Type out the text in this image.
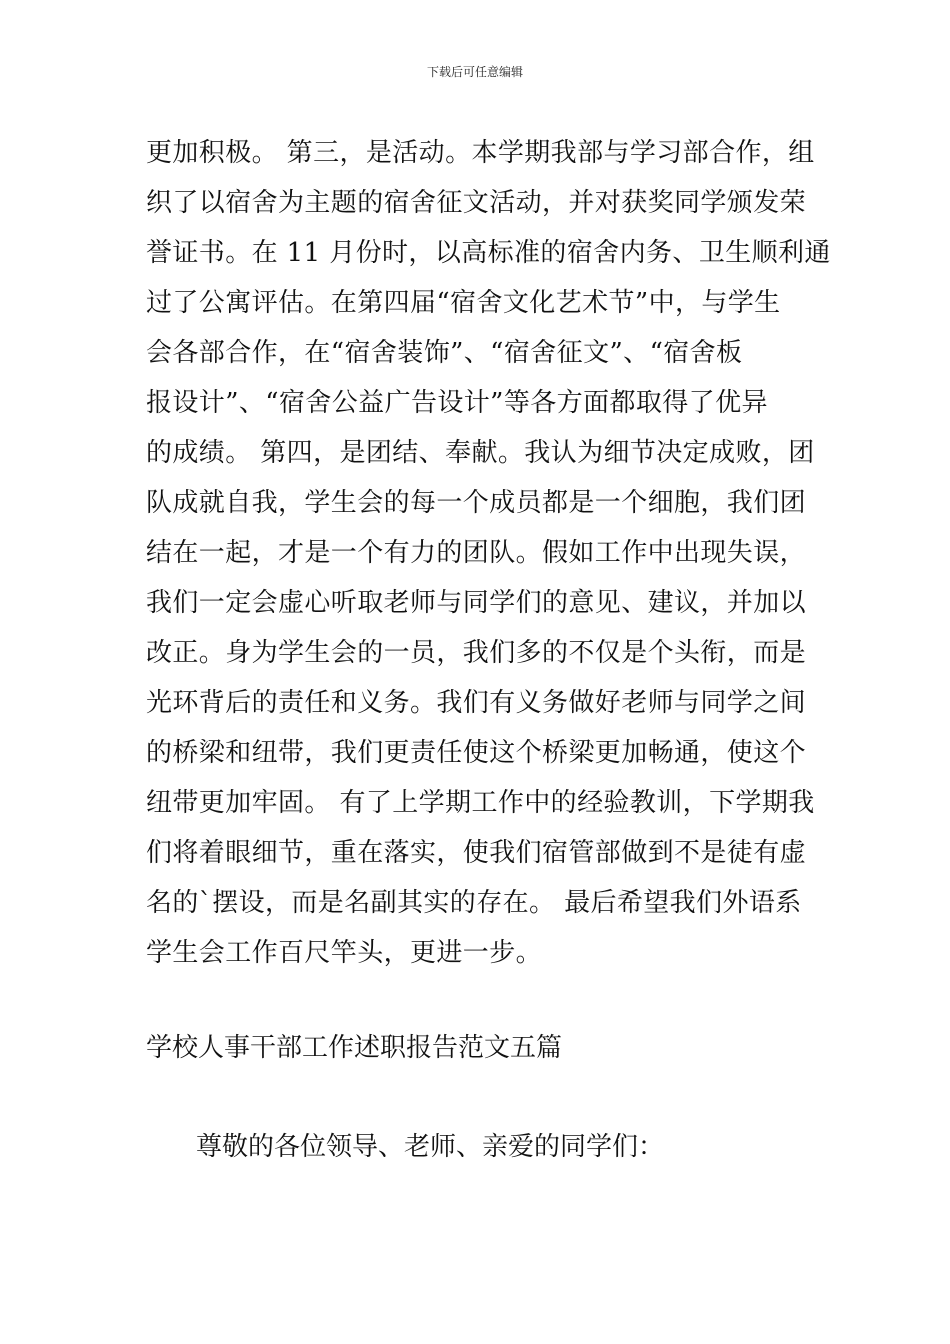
下载后可任意编辑
更加积极。 第三，是活动。本学期我部与学习部合作，组
织了以宿舍为主题的宿舍征文活动，并对获奖同学颁发荣
誉证书。在 11 月份时，以高标准的宿舍内务、卫生顺利通
过了公寓评估。在第四届“宿舍文化艺术节”中，与学生
会各部合作，在“宿舍装饰”、“宿舍征文”、“宿舍板
报设计”、“宿舍公益广告设计”等各方面都取得了优异
的成绩。 第四，是团结、奉献。我认为细节决定成败，团
队成就自我，学生会的每一个成员都是一个细胞，我们团
结在一起，才是一个有力的团队。假如工作中出现失误，
我们一定会虚心听取老师与同学们的意见、建议，并加以
改正。身为学生会的一员，我们多的不仅是个头衔，而是
光环背后的责任和义务。我们有义务做好老师与同学之间
的桥梁和纽带，我们更责任使这个桥梁更加畅通，使这个
纽带更加牢固。 有了上学期工作中的经验教训，下学期我
们将着眼细节，重在落实，使我们宿管部做到不是徒有虚
名的`摆设，而是名副其实的存在。 最后希望我们外语系
学生会工作百尺竿头，更进一步。
学校人事干部工作述职报告范文五篇
尊敬的各位领导、老师、亲爱的同学们：
